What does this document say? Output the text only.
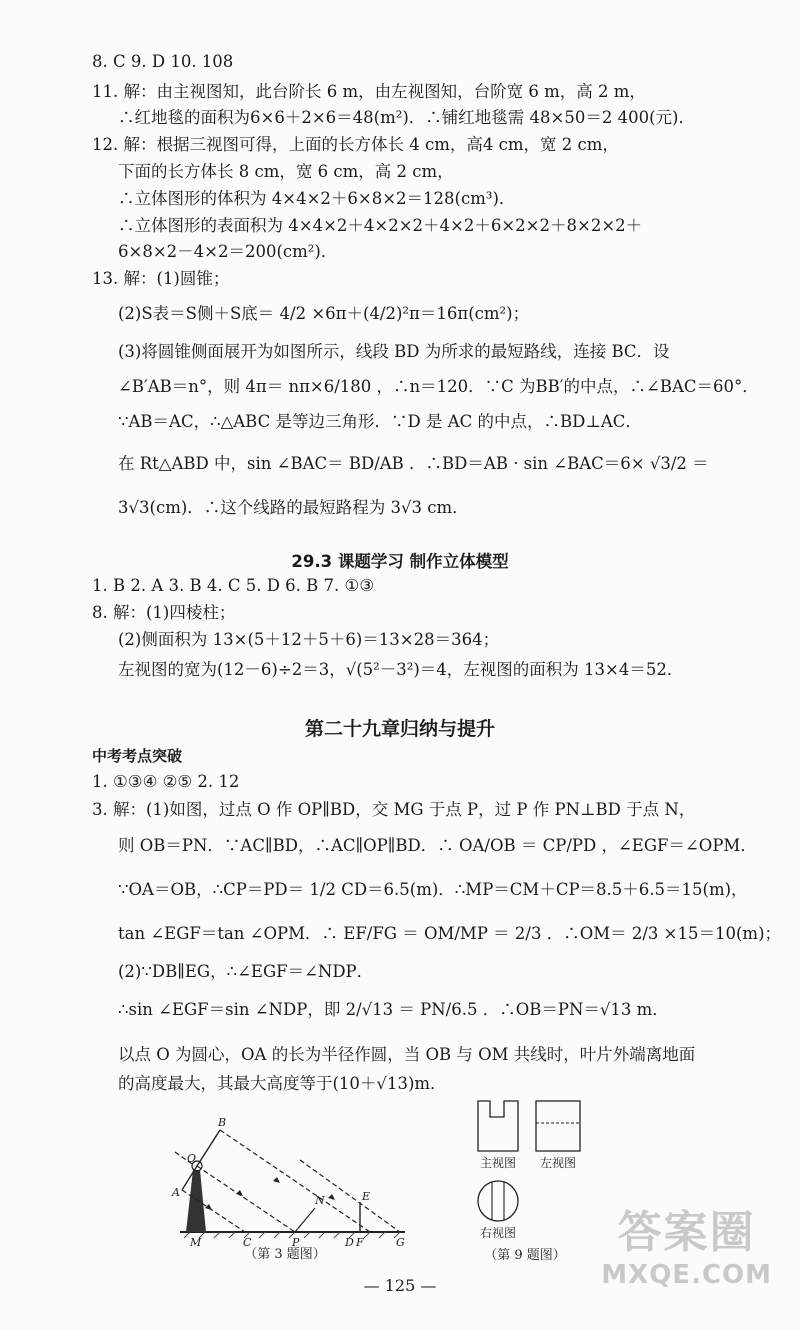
8. C 9. D 10. 108
11. 解：由主视图知，此台阶长 6 m，由左视图知，台阶宽 6 m，高 2 m，
∴红地毯的面积为6×6＋2×6＝48(m²)．∴铺红地毯需 48×50＝2 400(元)．
12. 解：根据三视图可得，上面的长方体长 4 cm，高4 cm，宽 2 cm，
下面的长方体长 8 cm，宽 6 cm，高 2 cm，
∴立体图形的体积为 4×4×2＋6×8×2＝128(cm³)．
∴立体图形的表面积为 4×4×2＋4×2×2＋4×2＋6×2×2＋8×2×2＋
6×8×2－4×2＝200(cm²)．
13. 解：(1)圆锥；
(2)S表＝S侧＋S底＝ 4/2 ×6π＋(4/2)²π＝16π(cm²)；
(3)将圆锥侧面展开为如图所示，线段 BD 为所求的最短路线，连接 BC．设
∠B′AB＝n°，则 4π＝ nπ×6/180 ，∴n＝120．∵C 为BB′的中点，∴∠BAC＝60°．
∵AB＝AC，∴△ABC 是等边三角形．∵D 是 AC 的中点，∴BD⊥AC．
在 Rt△ABD 中，sin ∠BAC＝ BD/AB ．∴BD＝AB · sin ∠BAC＝6× √3/2 ＝
3√3(cm)．∴这个线路的最短路程为 3√3 cm．
29.3 课题学习 制作立体模型
1. B 2. A 3. B 4. C 5. D 6. B 7. ①③
8. 解：(1)四棱柱；
(2)侧面积为 13×(5＋12＋5＋6)＝13×28＝364；
左视图的宽为(12－6)÷2＝3，√(5²－3²)＝4，左视图的面积为 13×4＝52．
第二十九章归纳与提升
中考考点突破
1. ①③④ ②⑤ 2. 12
3. 解：(1)如图，过点 O 作 OP∥BD，交 MG 于点 P，过 P 作 PN⊥BD 于点 N，
则 OB＝PN．∵AC∥BD，∴AC∥OP∥BD．∴ OA/OB ＝ CP/PD ，∠EGF＝∠OPM．
∵OA＝OB，∴CP＝PD＝ 1/2 CD＝6.5(m)．∴MP＝CM＋CP＝8.5＋6.5＝15(m)，
tan ∠EGF＝tan ∠OPM．∴ EF/FG ＝ OM/MP ＝ 2/3 ．∴OM＝ 2/3 ×15＝10(m)；
(2)∵DB∥EG，∴∠EGF＝∠NDP．
∴sin ∠EGF＝sin ∠NDP，即 2/√13 ＝ PN/6.5 ．∴OB＝PN＝√13 m．
以点 O 为圆心，OA 的长为半径作圆，当 OB 与 OM 共线时，叶片外端离地面
的高度最大，其最大高度等于(10＋√13)m．
B
O
A
M	C	P
N
D F
E
G
（第 3 题图）
主视图 左视图
右视图
（第 9 题图）
— 125 —
答案圈
MXQE.COM
